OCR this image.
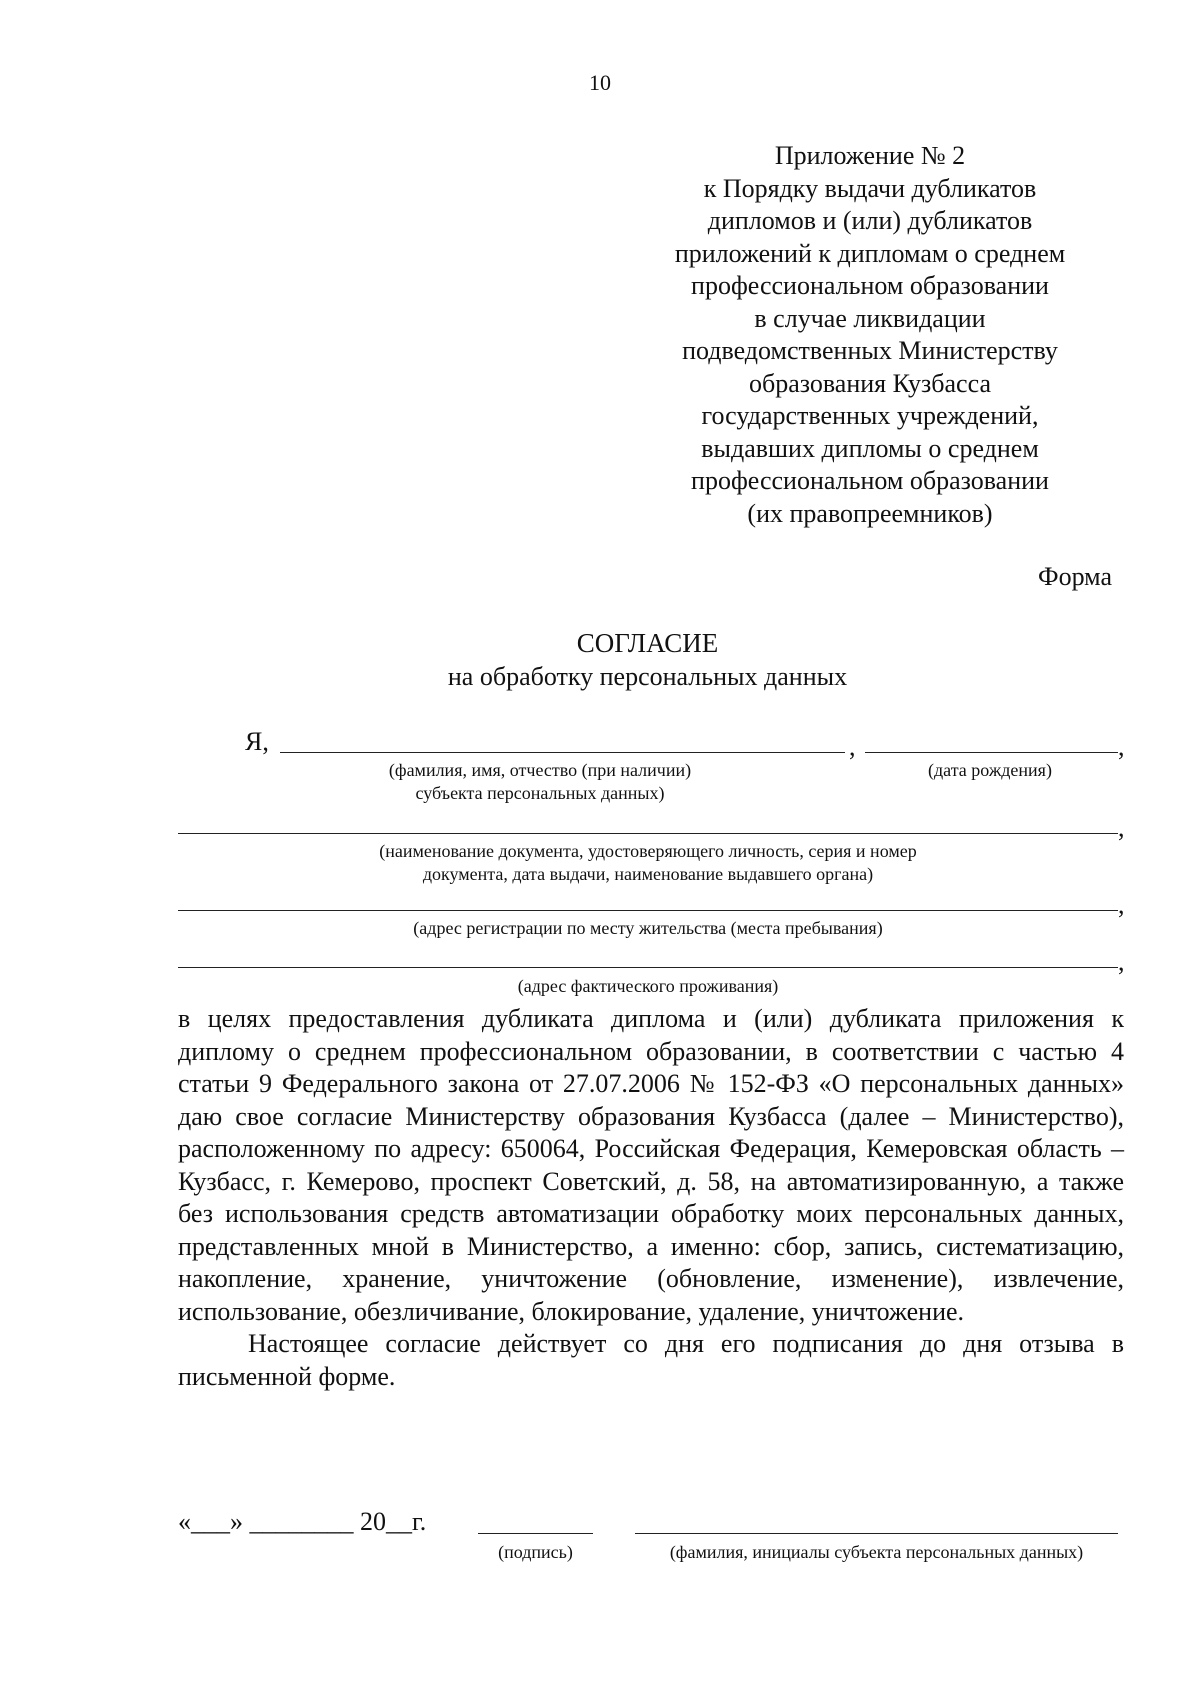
10
Приложение № 2
к Порядку выдачи дубликатов
дипломов и (или) дубликатов
приложений к дипломам о среднем
профессиональном образовании
в случае ликвидации
подведомственных Министерству
образования Кузбасса
государственных учреждений,
выдавших дипломы о среднем
профессиональном образовании
(их правопреемников)
Форма
СОГЛАСИЕ
на обработку персональных данных
Я,	,	,
(фамилия, имя, отчество (при наличии)
субъекта персональных данных)
(дата рождения)
,
(наименование документа, удостоверяющего личность, серия и номер
документа, дата выдачи, наименование выдавшего органа)
,
(адрес регистрации по месту жительства (места пребывания)
,
(адрес фактического проживания)

в целях предоставления дубликата диплома и (или) дубликата приложения к диплому о среднем профессиональном образовании, в соответствии с частью 4 статьи 9 Федерального закона от 27.07.2006 № 152-ФЗ «О персональных данных» даю свое согласие Министерству образования Кузбасса (далее – Министерство), расположенному по адресу: 650064, Российская Федерация, Кемеровская область – Кузбасс, г. Кемерово, проспект Советский, д. 58, на автоматизированную, а также без использования средств автоматизации обработку моих персональных данных, представленных мной в Министерство, а именно: сбор, запись, систематизацию, накопление, хранение, уничтожение (обновление, изменение), извлечение, использование, обезличивание, блокирование, удаление, уничтожение.

Настоящее согласие действует со дня его подписания до дня отзыва в письменной форме.

«___» ________ 20__г.
(подпись)	(фамилия, инициалы субъекта персональных данных)
